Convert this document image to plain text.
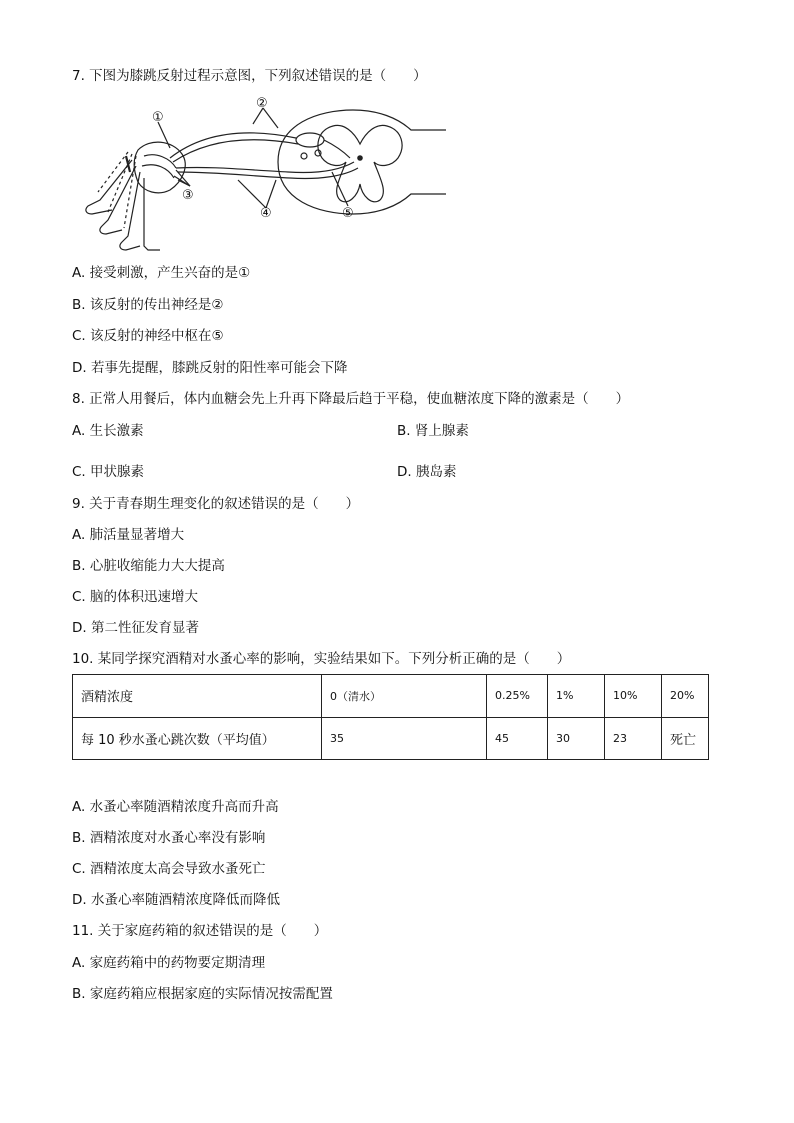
7. 下图为膝跳反射过程示意图，下列叙述错误的是（　　）
①
②
③
④	⑤
A. 接受刺激，产生兴奋的是①
B. 该反射的传出神经是②
C. 该反射的神经中枢在⑤
D. 若事先提醒，膝跳反射的阳性率可能会下降
8. 正常人用餐后，体内血糖会先上升再下降最后趋于平稳，使血糖浓度下降的激素是（　　）
A. 生长激素	B. 肾上腺素
C. 甲状腺素	D. 胰岛素
9. 关于青春期生理变化的叙述错误的是（　　）
A. 肺活量显著增大
B. 心脏收缩能力大大提高
C. 脑的体积迅速增大
D. 第二性征发育显著
10. 某同学探究酒精对水蚤心率的影响，实验结果如下。下列分析正确的是（　　）
酒精浓度	0（清水）	0.25%	1%	10%	20%
每 10 秒水蚤心跳次数（平均值）	35	45	30	23	死亡
A. 水蚤心率随酒精浓度升高而升高
B. 酒精浓度对水蚤心率没有影响
C. 酒精浓度太高会导致水蚤死亡
D. 水蚤心率随酒精浓度降低而降低
11. 关于家庭药箱的叙述错误的是（　　）
A. 家庭药箱中的药物要定期清理
B. 家庭药箱应根据家庭的实际情况按需配置
